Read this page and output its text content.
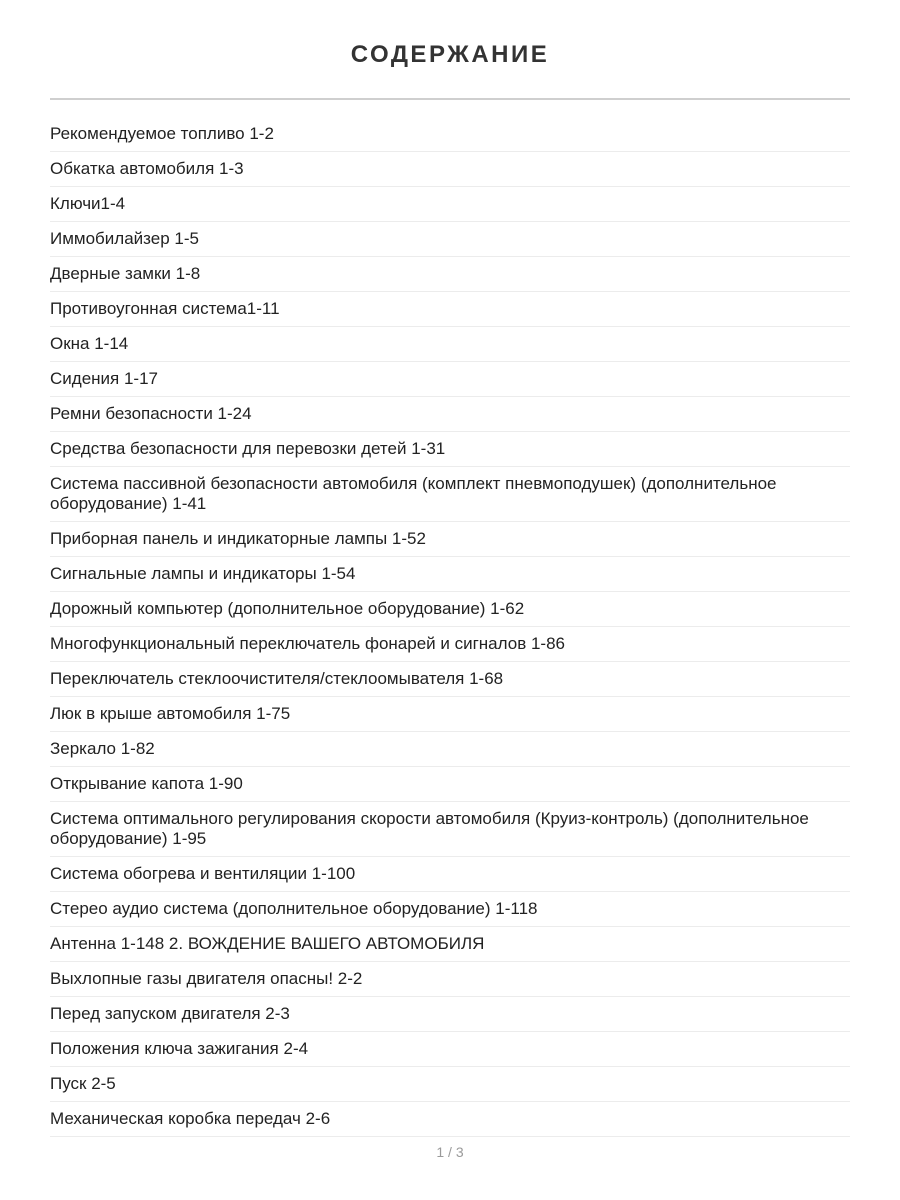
СОДЕРЖАНИЕ
Рекомендуемое топливо 1-2
Обкатка автомобиля 1-3
Ключи1-4
Иммобилайзер 1-5
Дверные замки 1-8
Противоугонная система1-11
Окна 1-14
Сидения 1-17
Ремни безопасности 1-24
Средства безопасности для перевозки детей 1-31
Система пассивной безопасности автомобиля (комплект пневмоподушек) (дополнительное оборудование) 1-41
Приборная панель и индикаторные лампы 1-52
Сигнальные лампы и индикаторы 1-54
Дорожный компьютер (дополнительное оборудование) 1-62
Многофункциональный переключатель фонарей и сигналов 1-86
Переключатель стеклоочистителя/стеклоомывателя 1-68
Люк в крыше автомобиля 1-75
Зеркало 1-82
Открывание капота 1-90
Система оптимального регулирования скорости автомобиля (Круиз-контроль) (дополнительное оборудование) 1-95
Система обогрева и вентиляции 1-100
Стерео аудио система (дополнительное оборудование) 1-118
Антенна 1-148 2. ВОЖДЕНИЕ ВАШЕГО АВТОМОБИЛЯ
Выхлопные газы двигателя опасны! 2-2
Перед запуском двигателя 2-3
Положения ключа зажигания 2-4
Пуск 2-5
Механическая коробка передач 2-6
1 / 3
